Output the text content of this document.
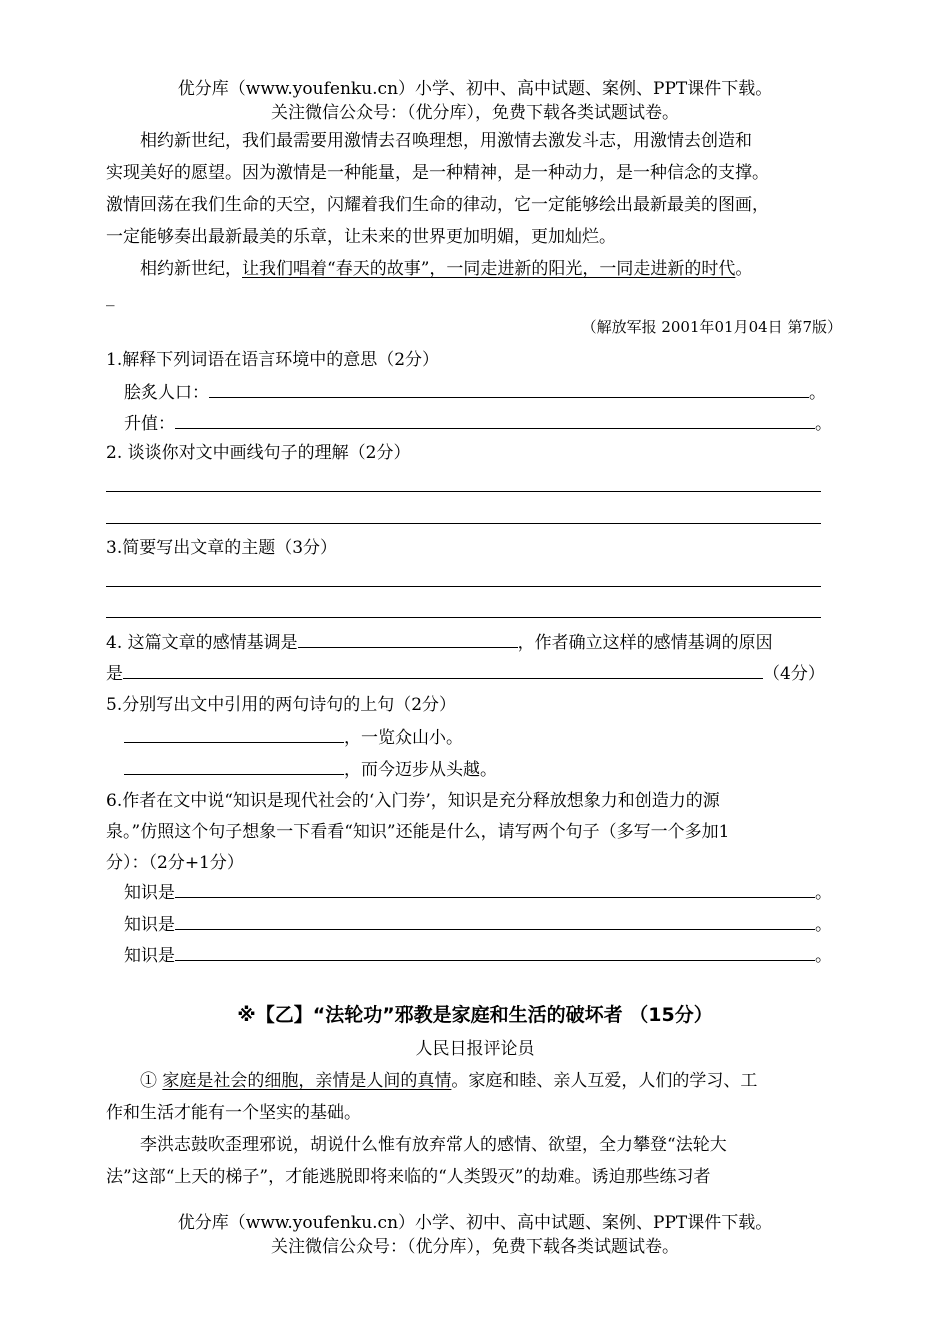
优分库（www.youfenku.cn）小学、初中、高中试题、案例、PPT课件下载。
关注微信公众号：（优分库），免费下载各类试题试卷。
相约新世纪，我们最需要用激情去召唤理想，用激情去激发斗志，用激情去创造和
实现美好的愿望。因为激情是一种能量，是一种精神，是一种动力，是一种信念的支撑。
激情回荡在我们生命的天空，闪耀着我们生命的律动，它一定能够绘出最新最美的图画，
一定能够奏出最新最美的乐章，让未来的世界更加明媚，更加灿烂。
相约新世纪，让我们唱着“春天的故事”，一同走进新的阳光，一同走进新的时代。
_
（解放军报 2001年01月04日 第7版）
1.解释下列词语在语言环境中的意思（2分）
脍炙人口：	。
升值：	。
2. 谈谈你对文中画线句子的理解（2分）
3.简要写出文章的主题（3分）
4. 这篇文章的感情基调是	，作者确立这样的感情基调的原因
是	（4分）
5.分别写出文中引用的两句诗句的上句（2分）
，一览众山小。
，而今迈步从头越。
6.作者在文中说“知识是现代社会的‘入门券’，知识是充分释放想象力和创造力的源
泉。”仿照这个句子想象一下看看“知识”还能是什么，请写两个句子（多写一个多加1
分）：（2分+1分）
知识是	。
知识是	。
知识是	。
※【乙】“法轮功”邪教是家庭和生活的破坏者 （15分）
人民日报评论员
① 家庭是社会的细胞，亲情是人间的真情。家庭和睦、亲人互爱，人们的学习、工
作和生活才能有一个坚实的基础。
李洪志鼓吹歪理邪说，胡说什么惟有放弃常人的感情、欲望，全力攀登“法轮大
法”这部“上天的梯子”，才能逃脱即将来临的“人类毁灭”的劫难。诱迫那些练习者
优分库（www.youfenku.cn）小学、初中、高中试题、案例、PPT课件下载。
关注微信公众号：（优分库），免费下载各类试题试卷。
